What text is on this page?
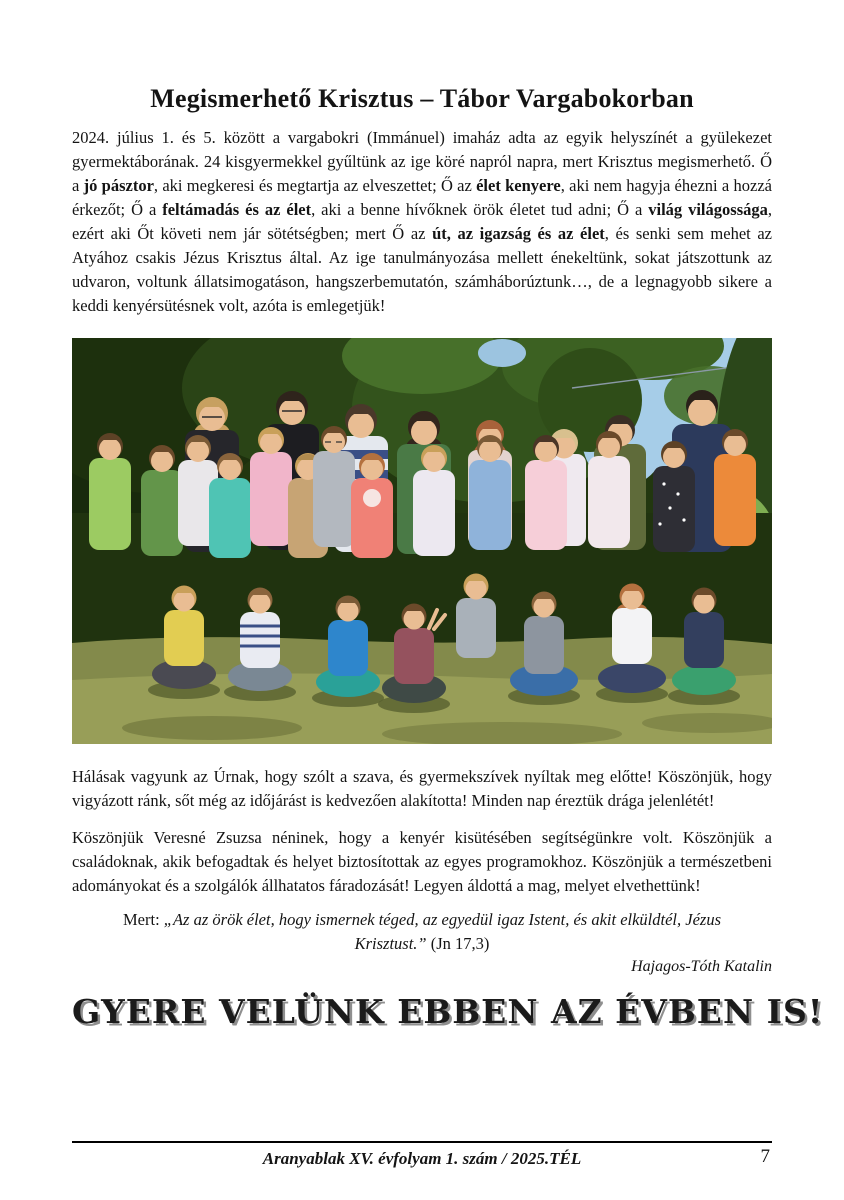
Megismerhető Krisztus – Tábor Vargabokorban

2024. július 1. és 5. között a vargabokri (Immánuel) imaház adta az egyik helyszínét a gyülekezet gyermektáborának. 24 kisgyermekkel gyűltünk az ige köré napról napra, mert Krisztus megismerhető. Ő a jó pásztor, aki megkeresi és megtartja az elveszettet; Ő az élet kenyere, aki nem hagyja éhezni a hozzá érkezőt; Ő a feltámadás és az élet, aki a benne hívőknek örök életet tud adni; Ő a világ világossága, ezért aki Őt követi nem jár sötétségben; mert Ő az út, az igazság és az élet, és senki sem mehet az Atyához csakis Jézus Krisztus által. Az ige tanulmányozása mellett énekeltünk, sokat játszottunk az udvaron, voltunk állatsimogatáson, hangszerbemutatón, számháborúztunk…, de a legnagyobb sikere a keddi kenyérsütésnek volt, azóta is emlegetjük!

Hálásak vagyunk az Úrnak, hogy szólt a szava, és gyermekszívek nyíltak meg előtte! Köszönjük, hogy vigyázott ránk, sőt még az időjárást is kedvezően alakította! Minden nap éreztük drága jelenlétét!

Köszönjük Veresné Zsuzsa néninek, hogy a kenyér kisütésében segítségünkre volt. Köszönjük a családoknak, akik befogadtak és helyet biztosítottak az egyes programokhoz. Köszönjük a természetbeni adományokat és a szolgálók állhatatos fáradozását! Legyen áldottá a mag, melyet elvethettünk!

Mert: „Az az örök élet, hogy ismernek téged, az egyedül igaz Istent, és akit elküldtél, Jézus Krisztust.” (Jn 17,3)

Hajagos-Tóth Katalin

GYERE VELÜNK EBBEN AZ ÉVBEN IS!
Aranyablak XV. évfolyam 1. szám / 2025.TÉL	7
